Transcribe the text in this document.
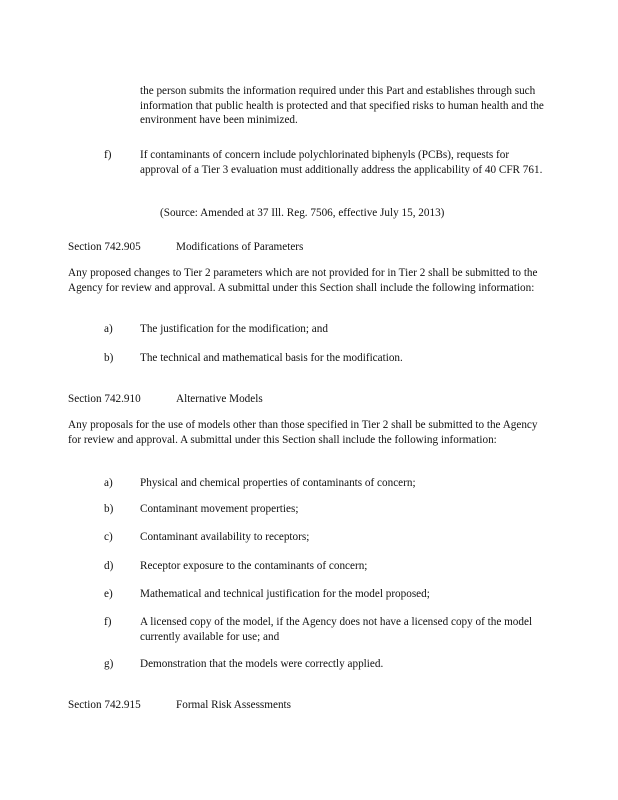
the person submits the information required under this Part and establishes through such information that public health is protected and that specified risks to human health and the environment have been minimized.

f)	If contaminants of concern include polychlorinated biphenyls (PCBs), requests for approval of a Tier 3 evaluation must additionally address the applicability of 40 CFR 761.

(Source: Amended at 37 Ill. Reg. 7506, effective July 15, 2013)

Section 742.905	Modifications of Parameters

Any proposed changes to Tier 2 parameters which are not provided for in Tier 2 shall be submitted to the Agency for review and approval. A submittal under this Section shall include the following information:

a) The justification for the modification; and

b) The technical and mathematical basis for the modification.

Section 742.910	Alternative Models

Any proposals for the use of models other than those specified in Tier 2 shall be submitted to the Agency for review and approval. A submittal under this Section shall include the following information:

a) Physical and chemical properties of contaminants of concern;

b) Contaminant movement properties;

c) Contaminant availability to receptors;

d) Receptor exposure to the contaminants of concern;

e) Mathematical and technical justification for the model proposed;

f)	A licensed copy of the model, if the Agency does not have a licensed copy of the model currently available for use; and

g) Demonstration that the models were correctly applied.

Section 742.915	Formal Risk Assessments
